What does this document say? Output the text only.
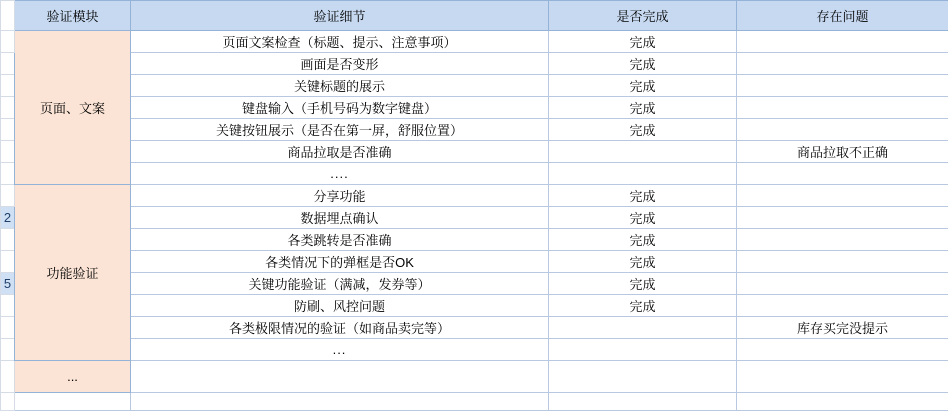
	验证模块	验证细节	是否完成	存在问题
	页面、文案	页面文案检查（标题、提示、注意事项）	完成	
		画面是否变形	完成	
		关键标题的展示	完成	
		键盘输入（手机号码为数字键盘）	完成	
		关键按钮展示（是否在第一屏，舒服位置）	完成	
		商品拉取是否准确		商品拉取不正确
		....		
	功能验证	分享功能	完成	
2		数据埋点确认	完成	
		各类跳转是否准确	完成	
		各类情况下的弹框是否OK	完成	
5		关键功能验证（满减，发券等）	完成	
		防刷、风控问题	完成	
		各类极限情况的验证（如商品卖完等）		库存买完没提示
		...		
	...			
